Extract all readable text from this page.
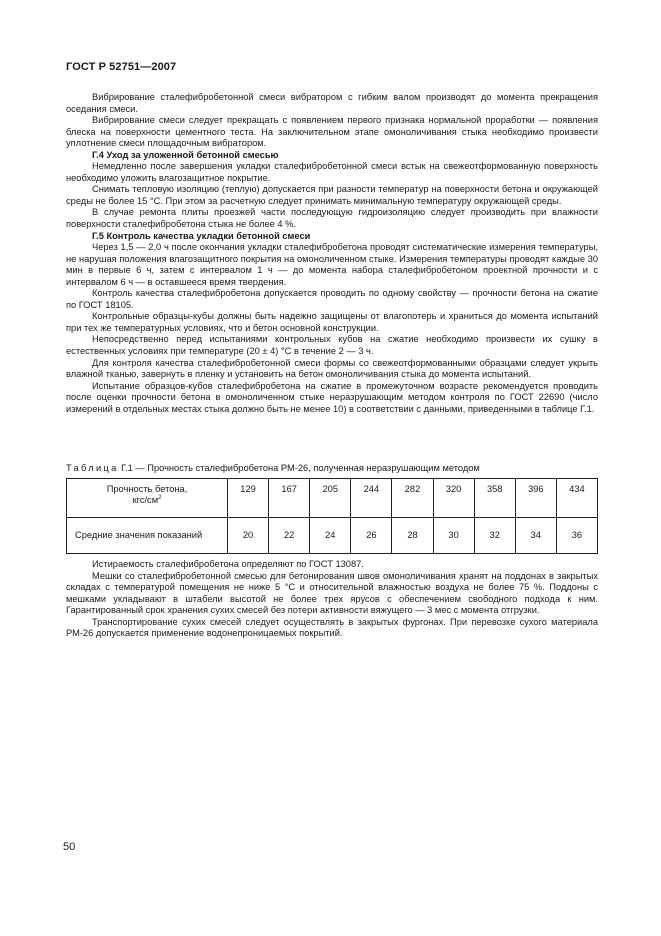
ГОСТ Р 52751—2007

Вибрирование сталефибробетонной смеси вибратором с гибким валом производят до момента прекращения оседания смеси.

Вибрирование смеси следует прекращать с появлением первого признака нормальной проработки — появления блеска на поверхности цементного теста. На заключительном этапе омоноличивания стыка необходимо произвести уплотнение смеси площадочным вибратором.

Г.4 Уход за уложенной бетонной смесью

Немедленно после завершения укладки сталефибробетонной смеси встык на свежеотформованную поверхность необходимо уложить влагозащитное покрытие.

Снимать тепловую изоляцию (теплую) допускается при разности температур на поверхности бетона и окружающей среды не более 15 °С. При этом за расчетную следует принимать минимальную температуру окружающей среды.

В случае ремонта плиты проезжей части последующую гидроизоляцию следует производить при влажности поверхности сталефибробетона стыка не более 4 %.

Г.5 Контроль качества укладки бетонной смеси

Через 1,5 — 2,0 ч после окончания укладки сталефибробетона проводят систематические измерения температуры, не нарушая положения влагозащитного покрытия на омоноличенном стыке. Измерения температуры проводят каждые 30 мин в первые 6 ч, затем с интервалом 1 ч — до момента набора сталефибробетоном проектной прочности и с интервалом 6 ч — в оставшееся время твердения.

Контроль качества сталефибробетона допускается проводить по одному свойству — прочности бетона на сжатие по ГОСТ 18105.

Контрольные образцы-кубы должны быть надежно защищены от влагопотерь и храниться до момента испытаний при тех же температурных условиях, что и бетон основной конструкции.

Непосредственно перед испытаниями контрольных кубов на сжатие необходимо произвести их сушку в естественных условиях при температуре (20 ± 4) °С в течение 2 — 3 ч.

Для контроля качества сталефибробетонной смеси формы со свежеотформованными образцами следует укрыть влажной тканью, завернуть в пленку и установить на бетон омоноличивания стыка до момента испытаний.

Испытание образцов-кубов сталефибробетона на сжатие в промежуточном возрасте рекомендуется проводить после оценки прочности бетона в омоноличенном стыке неразрушающим методом контроля по ГОСТ 22690 (число измерений в отдельных местах стыка должно быть не менее 10) в соответствии с данными, приведенными в таблице Г.1.

Таблица Г.1 — Прочность сталефибробетона РМ-26, полученная неразрушающим методом
Прочность бетона,
кгс/$см^2$	129	167	205	244	282	320	358	396	434
Средние значения показаний	20	22	24	26	28	30	32	34	36

Истираемость сталефибробетона определяют по ГОСТ 13087.

Мешки со сталефибробетонной смесью для бетонирования швов омоноличивания хранят на поддонах в закрытых складах с температурой помещения не ниже 5 °С и относительной влажностью воздуха не более 75 %. Поддоны с мешками укладывают в штабели высотой не более трех ярусов с обеспечением свободного подхода к ним. Гарантированный срок хранения сухих смесей без потери активности вяжущего — 3 мес с момента отгрузки.

Транспортирование сухих смесей следует осуществлять в закрытых фургонах. При перевозке сухого материала РМ-26 допускается применение водонепроницаемых покрытий.

50
